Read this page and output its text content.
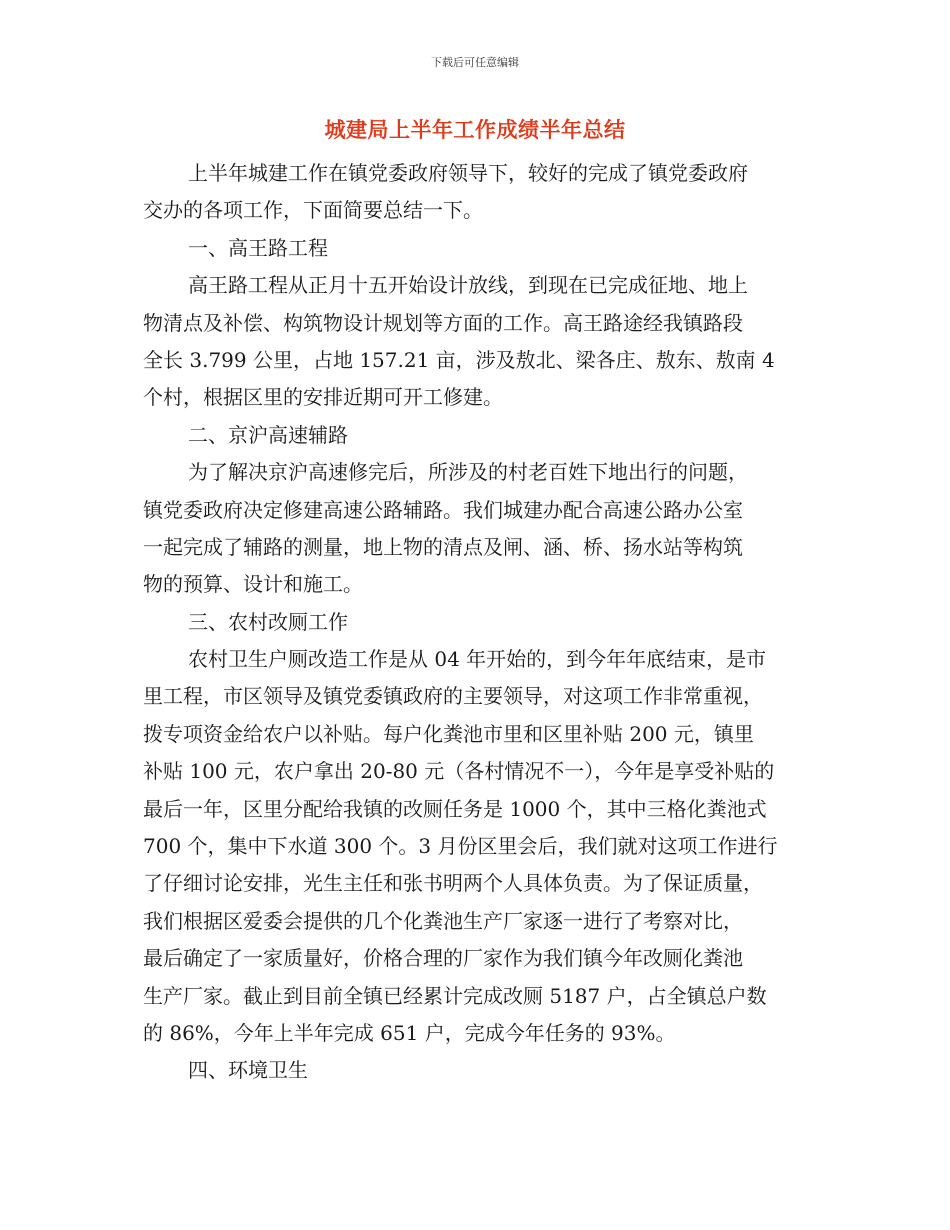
下载后可任意编辑
城建局上半年工作成绩半年总结
上半年城建工作在镇党委政府领导下，较好的完成了镇党委政府
交办的各项工作，下面简要总结一下。
一、高王路工程
高王路工程从正月十五开始设计放线，到现在已完成征地、地上
物清点及补偿、构筑物设计规划等方面的工作。高王路途经我镇路段
全长 3.799 公里，占地 157.21 亩，涉及敖北、梁各庄、敖东、敖南 4
个村，根据区里的安排近期可开工修建。
二、京沪高速辅路
为了解决京沪高速修完后，所涉及的村老百姓下地出行的问题，
镇党委政府决定修建高速公路辅路。我们城建办配合高速公路办公室
一起完成了辅路的测量，地上物的清点及闸、涵、桥、扬水站等构筑
物的预算、设计和施工。
三、农村改厕工作
农村卫生户厕改造工作是从 04 年开始的，到今年年底结束，是市
里工程，市区领导及镇党委镇政府的主要领导，对这项工作非常重视，
拨专项资金给农户以补贴。每户化粪池市里和区里补贴 200 元，镇里
补贴 100 元，农户拿出 20-80 元（各村情况不一），今年是享受补贴的
最后一年，区里分配给我镇的改厕任务是 1000 个，其中三格化粪池式
700 个，集中下水道 300 个。3 月份区里会后，我们就对这项工作进行
了仔细讨论安排，光生主任和张书明两个人具体负责。为了保证质量，
我们根据区爱委会提供的几个化粪池生产厂家逐一进行了考察对比，
最后确定了一家质量好，价格合理的厂家作为我们镇今年改厕化粪池
生产厂家。截止到目前全镇已经累计完成改厕 5187 户，占全镇总户数
的 86%，今年上半年完成 651 户，完成今年任务的 93%。
四、环境卫生
